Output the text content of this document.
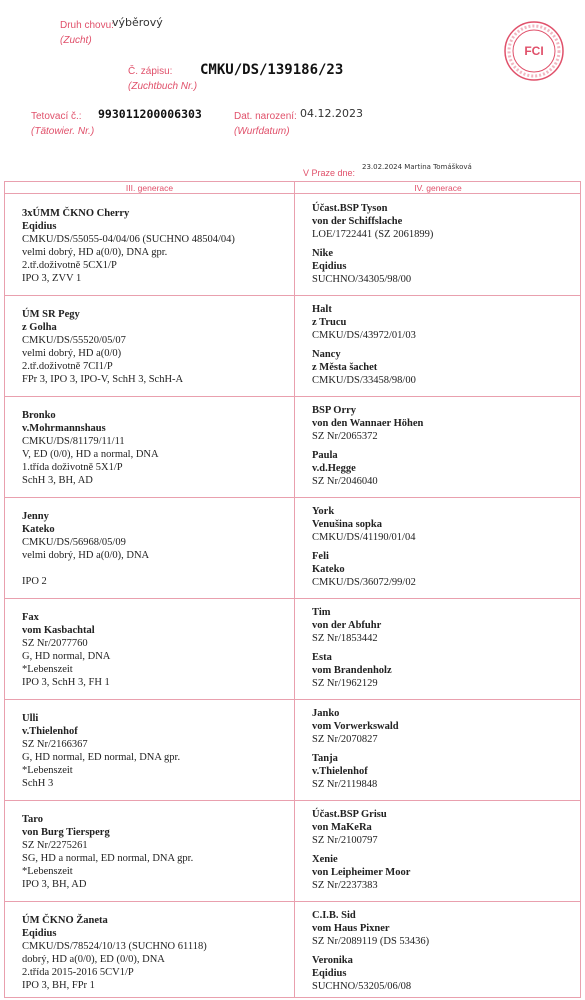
Druh chovu:
(Zucht)
výběrový
Č. zápisu:
(Zuchtbuch Nr.)
CMKU/DS/139186/23
Tetovací č.:
(Tätowier. Nr.)
993011200006303	Dat. narození:
(Wurfdatum)
04.12.2023
V Praze dne:
23.02.2024 Martina Tomášková
FCI
III. generace	IV. generace
3xÚMM ČKNO Cherry
Eqidius
CMKU/DS/55055-04/04/06 (SUCHNO 48504/04)
velmi dobrý, HD a(0/0), DNA gpr.
2.tř.doživotně 5CX1/P
IPO 3, ZVV 1
Účast.BSP Tyson
von der Schiffslache
LOE/1722441 (SZ 2061899)
Nike
Eqidius
SUCHNO/34305/98/00
ÚM SR Pegy
z Golha
CMKU/DS/55520/05/07
velmi dobrý, HD a(0/0)
2.tř.doživotně 7CI1/P
FPr 3, IPO 3, IPO-V, SchH 3, SchH-A
Halt
z Trucu
CMKU/DS/43972/01/03
Nancy
z Města šachet
CMKU/DS/33458/98/00
Bronko
v.Mohrmannshaus
CMKU/DS/81179/11/11
V, ED (0/0), HD a normal, DNA
1.třída doživotně 5X1/P
SchH 3, BH, AD
BSP Orry
von den Wannaer Höhen
SZ Nr/2065372
Paula
v.d.Hegge
SZ Nr/2046040
Jenny
Kateko
CMKU/DS/56968/05/09
velmi dobrý, HD a(0/0), DNA

IPO 2
York
Venušina sopka
CMKU/DS/41190/01/04
Feli
Kateko
CMKU/DS/36072/99/02
Fax
vom Kasbachtal
SZ Nr/2077760
G, HD normal, DNA
*Lebenszeit
IPO 3, SchH 3, FH 1
Tim
von der Abfuhr
SZ Nr/1853442
Esta
vom Brandenholz
SZ Nr/1962129
Ulli
v.Thielenhof
SZ Nr/2166367
G, HD normal, ED normal, DNA gpr.
*Lebenszeit
SchH 3
Janko
vom Vorwerkswald
SZ Nr/2070827
Tanja
v.Thielenhof
SZ Nr/2119848
Taro
von Burg Tiersperg
SZ Nr/2275261
SG, HD a normal, ED normal, DNA gpr.
*Lebenszeit
IPO 3, BH, AD
Účast.BSP Grisu
von MaKeRa
SZ Nr/2100797
Xenie
von Leipheimer Moor
SZ Nr/2237383
ÚM ČKNO Žaneta
Eqidius
CMKU/DS/78524/10/13 (SUCHNO 61118)
dobrý, HD a(0/0), ED (0/0), DNA
2.třída 2015-2016 5CV1/P
IPO 3, BH, FPr 1
C.I.B. Sid
vom Haus Pixner
SZ Nr/2089119 (DS 53436)
Veronika
Eqidius
SUCHNO/53205/06/08
